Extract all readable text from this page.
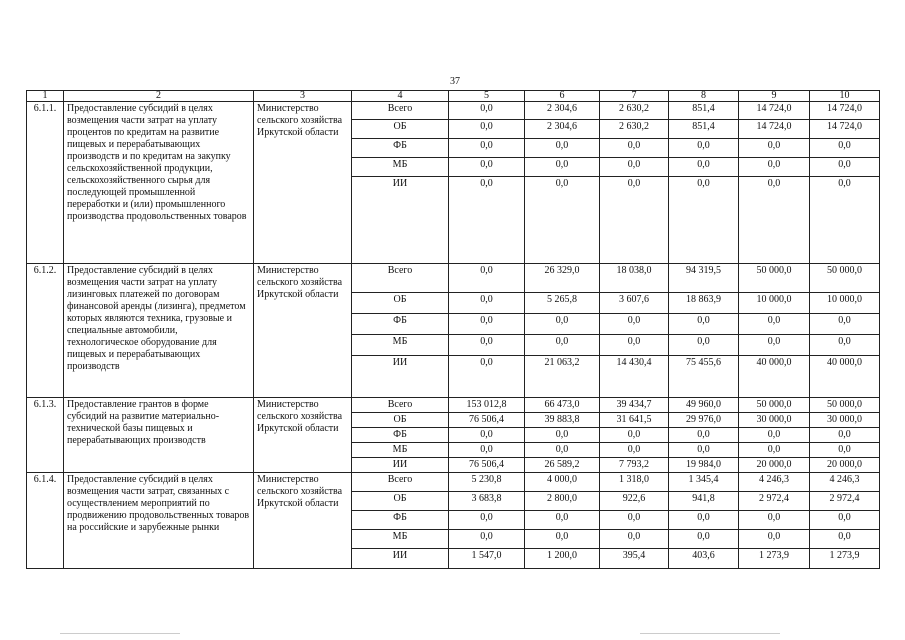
37
1	2	3	4	5	6	7	8	9	10
6.1.1.	Предоставление субсидий в целях возмещения части затрат на уплату процентов по кредитам на развитие пищевых и перерабатывающих производств и по кредитам на закупку сельскохозяйственной продукции, сельскохозяйственного сырья для последующей промышленной переработки и (или) промышленного производства продовольственных товаров	Министерство сельского хозяйства Иркутской области	Всего	0,0	2 304,6	2 630,2	851,4	14 724,0	14 724,0
			ОБ	0,0	2 304,6	2 630,2	851,4	14 724,0	14 724,0
			ФБ	0,0	0,0	0,0	0,0	0,0	0,0
			МБ	0,0	0,0	0,0	0,0	0,0	0,0
			ИИ	0,0	0,0	0,0	0,0	0,0	0,0
6.1.2.	Предоставление субсидий в целях возмещения части затрат на уплату лизинговых платежей по договорам финансовой аренды (лизинга), предметом которых являются техника, грузовые и специальные автомобили, технологическое оборудование для пищевых и перерабатывающих производств	Министерство сельского хозяйства Иркутской области	Всего	0,0	26 329,0	18 038,0	94 319,5	50 000,0	50 000,0
			ОБ	0,0	5 265,8	3 607,6	18 863,9	10 000,0	10 000,0
			ФБ	0,0	0,0	0,0	0,0	0,0	0,0
			МБ	0,0	0,0	0,0	0,0	0,0	0,0
			ИИ	0,0	21 063,2	14 430,4	75 455,6	40 000,0	40 000,0
6.1.3.	Предоставление грантов в форме субсидий на развитие материально-технической базы пищевых и перерабатывающих производств	Министерство сельского хозяйства Иркутской области	Всего	153 012,8	66 473,0	39 434,7	49 960,0	50 000,0	50 000,0
			ОБ	76 506,4	39 883,8	31 641,5	29 976,0	30 000,0	30 000,0
			ФБ	0,0	0,0	0,0	0,0	0,0	0,0
			МБ	0,0	0,0	0,0	0,0	0,0	0,0
			ИИ	76 506,4	26 589,2	7 793,2	19 984,0	20 000,0	20 000,0
6.1.4.	Предоставление субсидий в целях возмещения части затрат, связанных с осуществлением мероприятий по продвижению продовольственных товаров на российские и зарубежные рынки	Министерство сельского хозяйства Иркутской области	Всего	5 230,8	4 000,0	1 318,0	1 345,4	4 246,3	4 246,3
			ОБ	3 683,8	2 800,0	922,6	941,8	2 972,4	2 972,4
			ФБ	0,0	0,0	0,0	0,0	0,0	0,0
			МБ	0,0	0,0	0,0	0,0	0,0	0,0
			ИИ	1 547,0	1 200,0	395,4	403,6	1 273,9	1 273,9
